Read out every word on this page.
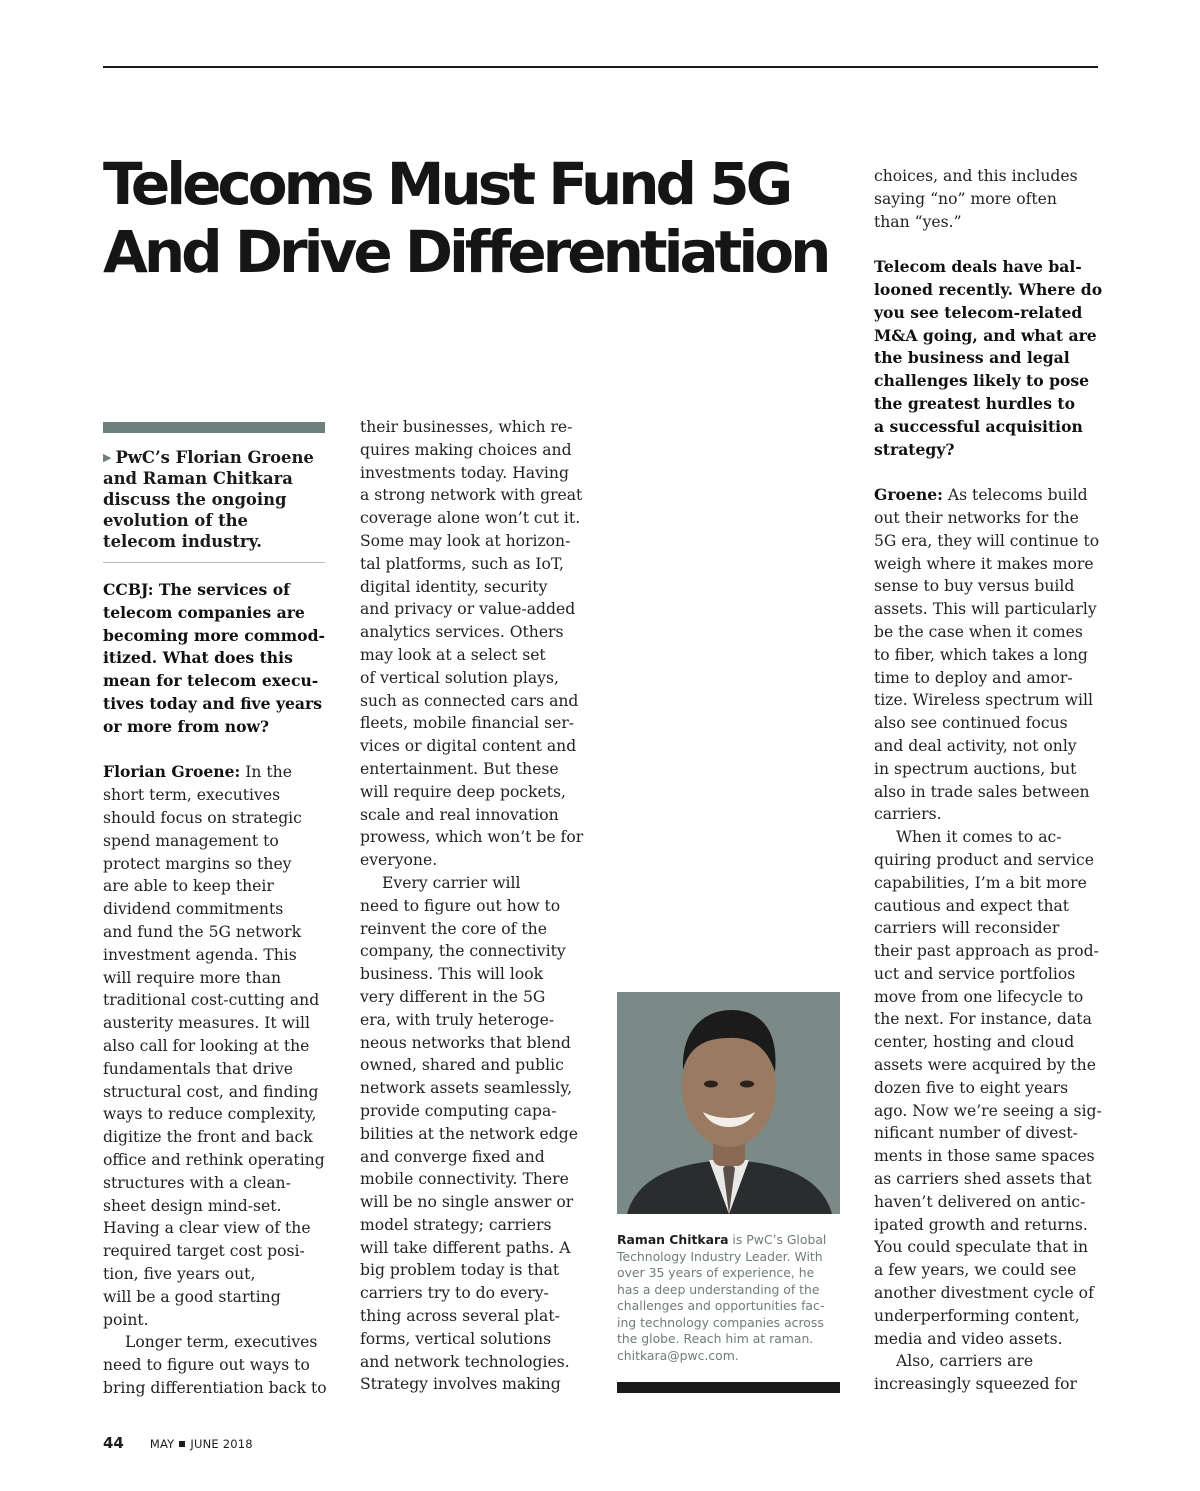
Telecoms Must Fund 5G
And Drive Differentiation
▶ PwC’s Florian Groene
and Raman Chitkara
discuss the ongoing
evolution of the
telecom industry.
CCBJ: The services of
telecom companies are
becoming more commod-
itized. What does this
mean for telecom execu-
tives today and five years
or more from now?
Florian Groene: In the
short term, executives
should focus on strategic
spend management to
protect margins so they
are able to keep their
dividend commitments
and fund the 5G network
investment agenda. This
will require more than
traditional cost-cutting and
austerity measures. It will
also call for looking at the
fundamentals that drive
structural cost, and finding
ways to reduce complexity,
digitize the front and back
office and rethink operating
structures with a clean-
sheet design mind-set.
Having a clear view of the
required target cost posi-
tion, five years out,
will be a good starting
point.
Longer term, executives
need to figure out ways to
bring differentiation back to
their businesses, which re-
quires making choices and
investments today. Having
a strong network with great
coverage alone won’t cut it.
Some may look at horizon-
tal platforms, such as IoT,
digital identity, security
and privacy or value-added
analytics services. Others
may look at a select set
of vertical solution plays,
such as connected cars and
fleets, mobile financial ser-
vices or digital content and
entertainment. But these
will require deep pockets,
scale and real innovation
prowess, which won’t be for
everyone.
Every carrier will
need to figure out how to
reinvent the core of the
company, the connectivity
business. This will look
very different in the 5G
era, with truly heteroge-
neous networks that blend
owned, shared and public
network assets seamlessly,
provide computing capa-
bilities at the network edge
and converge fixed and
mobile connectivity. There
will be no single answer or
model strategy; carriers
will take different paths. A
big problem today is that
carriers try to do every-
thing across several plat-
forms, vertical solutions
and network technologies.
Strategy involves making
Raman Chitkara is PwC’s Global
Technology Industry Leader. With
over 35 years of experience, he
has a deep understanding of the
challenges and opportunities fac-
ing technology companies across
the globe. Reach him at raman.
chitkara@pwc.com.
choices, and this includes
saying “no” more often
than “yes.”
Telecom deals have bal-
looned recently. Where do
you see telecom-related
M&A going, and what are
the business and legal
challenges likely to pose
the greatest hurdles to
a successful acquisition
strategy?
Groene: As telecoms build
out their networks for the
5G era, they will continue to
weigh where it makes more
sense to buy versus build
assets. This will particularly
be the case when it comes
to fiber, which takes a long
time to deploy and amor-
tize. Wireless spectrum will
also see continued focus
and deal activity, not only
in spectrum auctions, but
also in trade sales between
carriers.
When it comes to ac-
quiring product and service
capabilities, I’m a bit more
cautious and expect that
carriers will reconsider
their past approach as prod-
uct and service portfolios
move from one lifecycle to
the next. For instance, data
center, hosting and cloud
assets were acquired by the
dozen five to eight years
ago. Now we’re seeing a sig-
nificant number of divest-
ments in those same spaces
as carriers shed assets that
haven’t delivered on antic-
ipated growth and returns.
You could speculate that in
a few years, we could see
another divestment cycle of
underperforming content,
media and video assets.
Also, carriers are
increasingly squeezed for
44 MAY JUNE 2018
